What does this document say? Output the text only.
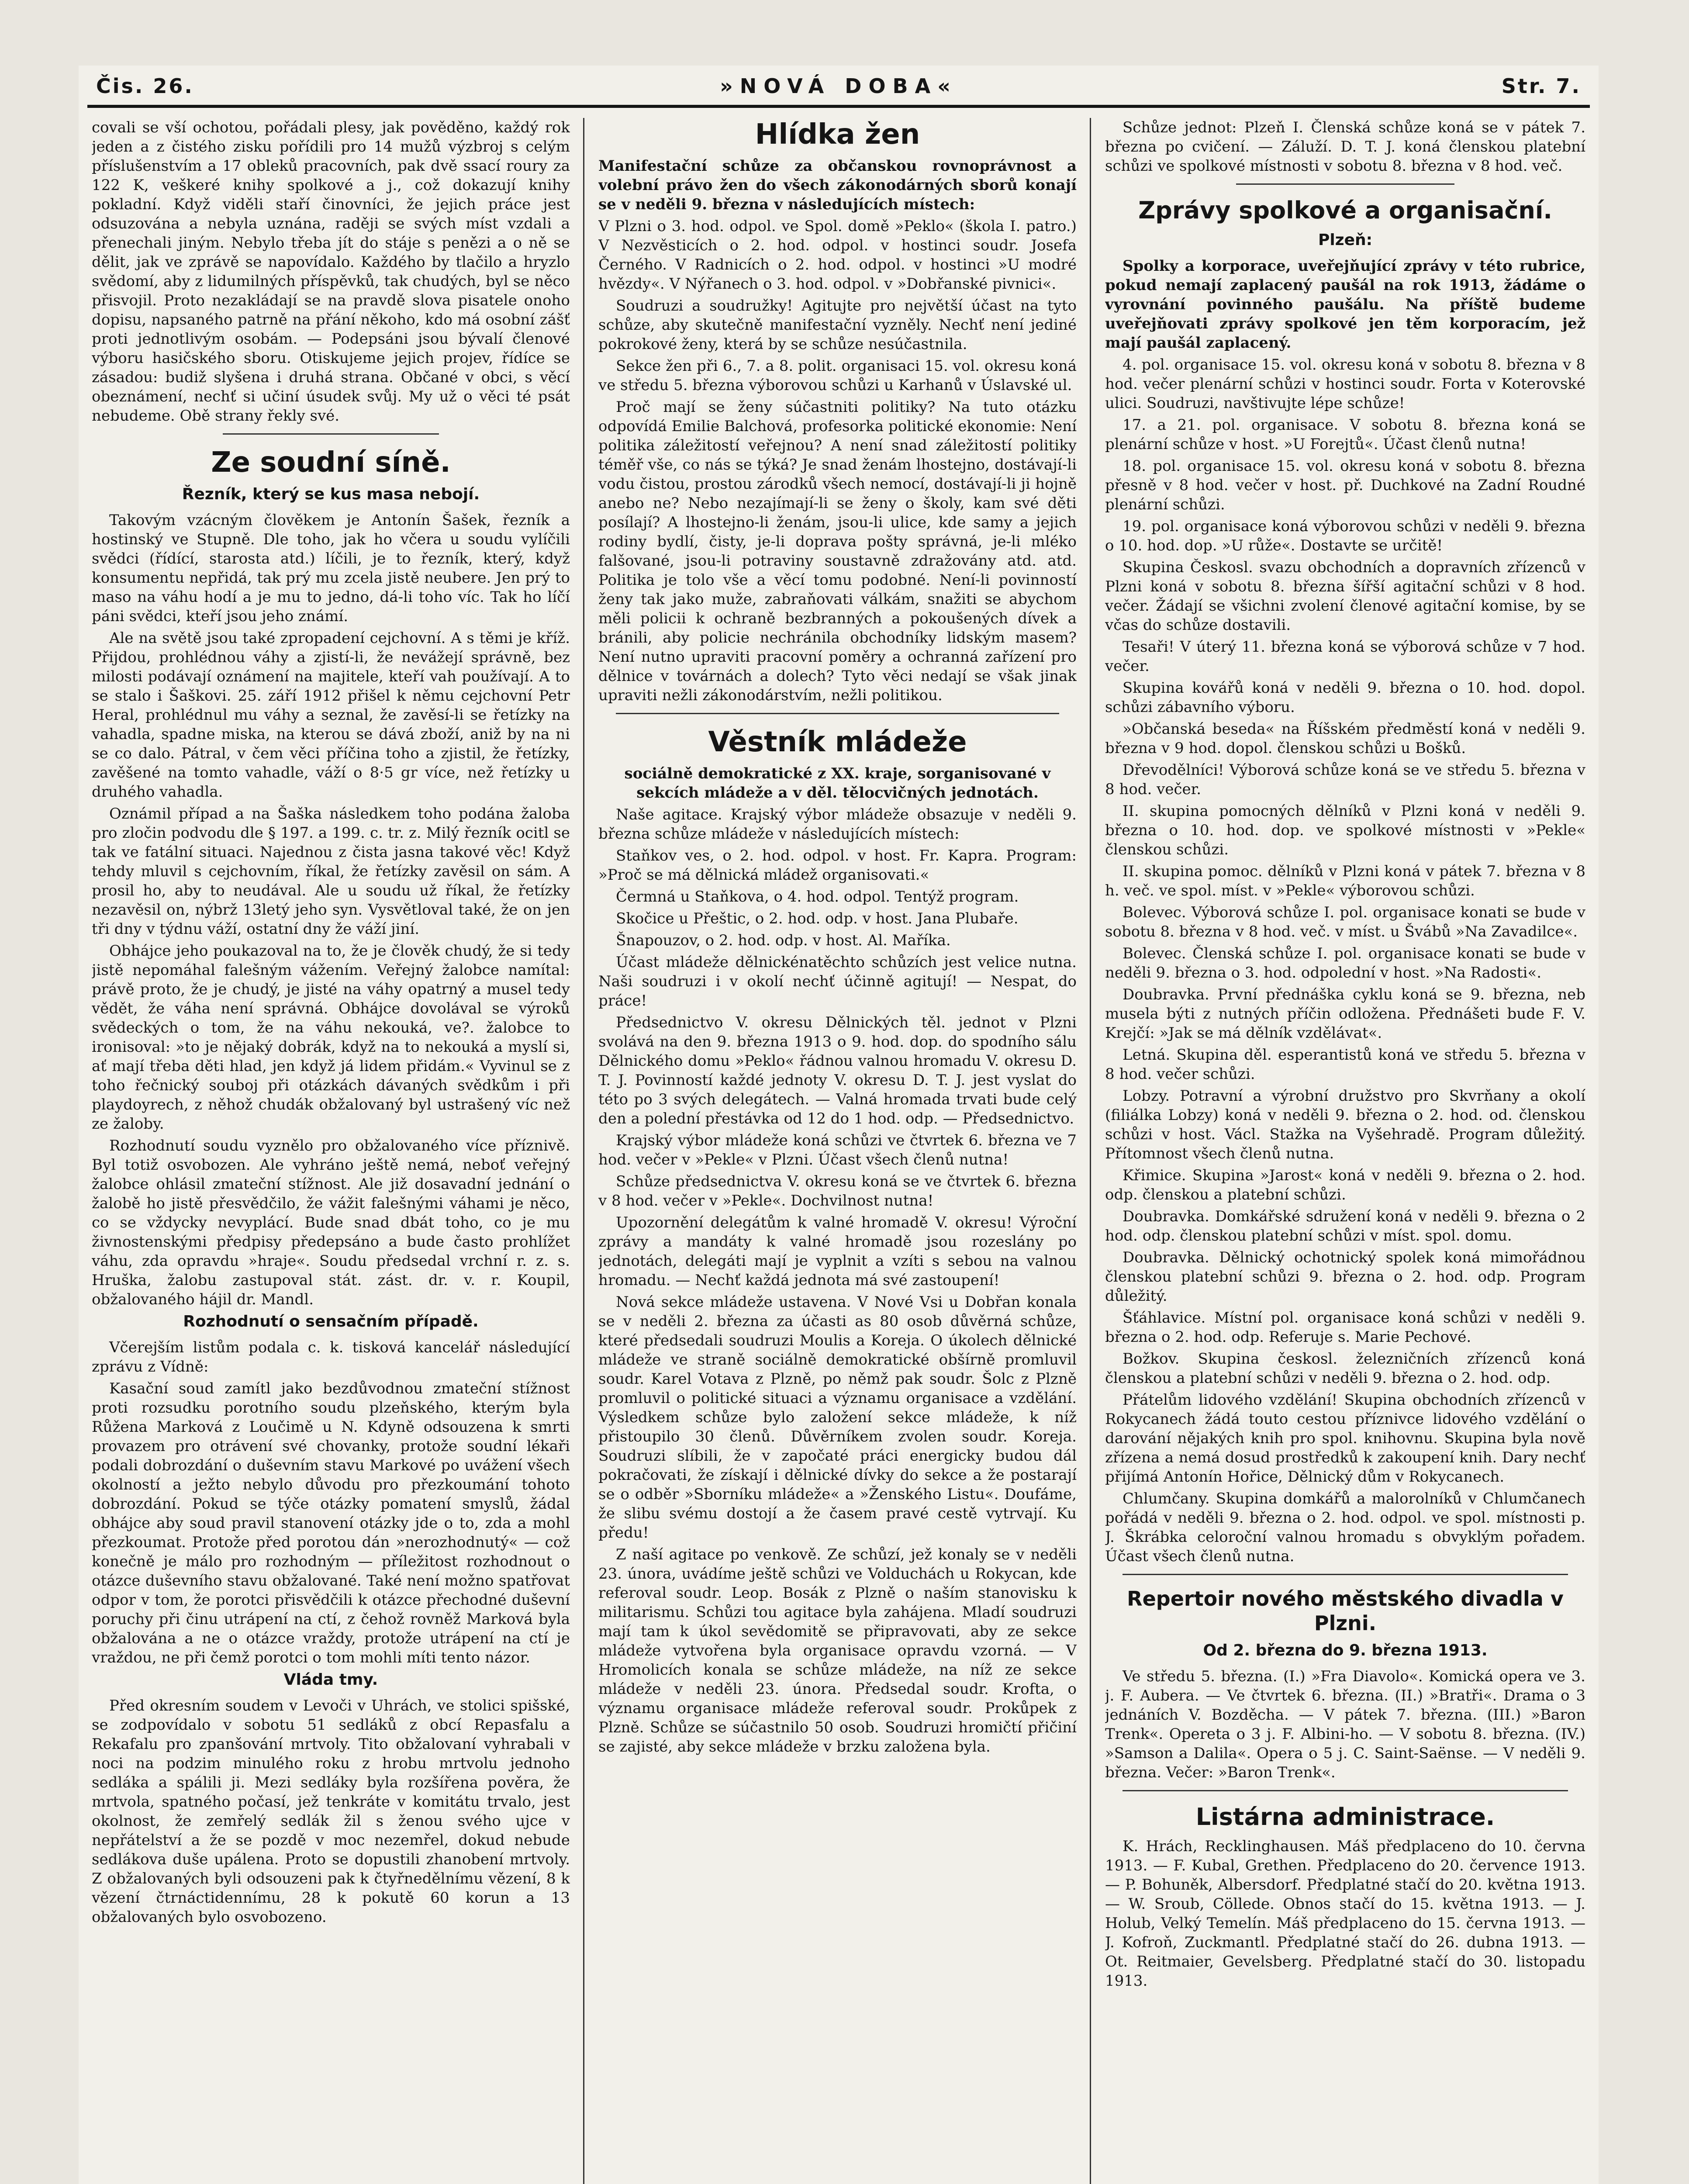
Čis. 26.	»NOVÁ DOBA«	Str. 7.

covali se vší ochotou, pořádali plesy, jak pověděno, každý rok jeden a z čistého zisku pořídili pro 14 mužů výzbroj s celým příslušenstvím a 17 obleků pracovních, pak dvě ssací roury za 122 K, veškeré knihy spolkové a j., což dokazují knihy pokladní. Když viděli staří činovníci, že jejich práce jest odsuzována a nebyla uznána, raději se svých míst vzdali a přenechali jiným. Nebylo třeba jít do stáje s penězi a o ně se dělit, jak ve zprávě se napovídalo. Každého by tlačilo a hryzlo svědomí, aby z lidumilných příspěvků, tak chudých, byl se něco přisvojil. Proto nezakládají se na pravdě slova pisatele onoho dopisu, napsaného patrně na přání někoho, kdo má osobní zášť proti jednotlivým osobám. — Podepsáni jsou bývalí členové výboru hasičského sboru. Otiskujeme jejich projev, řídíce se zásadou: budiž slyšena i druhá strana. Občané v obci, s věcí obeznámení, nechť si učiní úsudek svůj. My už o věci té psát nebudeme. Obě strany řekly své.

Ze soudní síně.
Řezník, který se kus masa nebojí.

Takovým vzácným člověkem je Antonín Šašek, řezník a hostinský ve Stupně. Dle toho, jak ho včera u soudu vylíčili svědci (řídící, starosta atd.) líčili, je to řezník, který, když konsumentu nepřidá, tak prý mu zcela jistě neubere. Jen prý to maso na váhu hodí a je mu to jedno, dá-li toho víc. Tak ho líčí páni svědci, kteří jsou jeho známí.

Ale na světě jsou také zpropadení cejchovní. A s těmi je kříž. Přijdou, prohlédnou váhy a zjistí-li, že nevážejí správně, bez milosti podávají oznámení na majitele, kteří vah používají. A to se stalo i Šaškovi. 25. září 1912 přišel k němu cejchovní Petr Heral, prohlédnul mu váhy a seznal, že zavěsí-li se řetízky na vahadla, spadne miska, na kterou se dává zboží, aniž by na ni se co dalo. Pátral, v čem věci příčina toho a zjistil, že řetízky, zavěšené na tomto vahadle, váží o 8·5 gr více, než řetízky u druhého vahadla.

Oznámil případ a na Šaška následkem toho podána žaloba pro zločin podvodu dle § 197. a 199. c. tr. z. Milý řezník ocitl se tak ve fatální situaci. Najednou z čista jasna takové věc! Když tehdy mluvil s cejchovním, říkal, že řetízky zavěsil on sám. A prosil ho, aby to neudával. Ale u soudu už říkal, že řetízky nezavěsil on, nýbrž 13letý jeho syn. Vysvětloval také, že on jen tři dny v týdnu váží, ostatní dny že váží jiní.

Obhájce jeho poukazoval na to, že je člověk chudý, že si tedy jistě nepomáhal falešným vážením. Veřejný žalobce namítal: právě proto, že je chudý, je jisté na váhy opatrný a musel tedy vědět, že váha není správná. Obhájce dovolával se výroků svědeckých o tom, že na váhu nekouká, ve?. žalobce to ironisoval: »to je nějaký dobrák, když na to nekouká a myslí si, ať mají třeba děti hlad, jen když já lidem přidám.« Vyvinul se z toho řečnický souboj při otázkách dávaných svědkům i při playdoyrech, z něhož chudák obžalovaný byl ustrašený víc než ze žaloby.

Rozhodnutí soudu vyznělo pro obžalovaného více příznivě. Byl totiž osvobozen. Ale vyhráno ještě nemá, neboť veřejný žalobce ohlásil zmateční stížnost. Ale již dosavadní jednání o žalobě ho jistě přesvědčilo, že vážit falešnými váhami je něco, co se vždycky nevyplácí. Bude snad dbát toho, co je mu živnostenskými předpisy předepsáno a bude často prohlížet váhu, zda opravdu »hraje«. Soudu předsedal vrchní r. z. s. Hruška, žalobu zastupoval stát. zást. dr. v. r. Koupil, obžalovaného hájil dr. Mandl.

Rozhodnutí o sensačním případě.

Včerejším listům podala c. k. tisková kancelář následující zprávu z Vídně:

Kasační soud zamítl jako bezdůvodnou zmateční stížnost proti rozsudku porotního soudu plzeňského, kterým byla Růžena Marková z Loučimě u N. Kdyně odsouzena k smrti provazem pro otrávení své chovanky, protože soudní lékaři podali dobrozdání o duševním stavu Markové po uvážení všech okolností a ježto nebylo důvodu pro přezkoumání tohoto dobrozdání. Pokud se týče otázky pomatení smyslů, žádal obhájce aby soud pravil stanovení otázky jde o to, zda a mohl přezkoumat. Protože před porotou dán »nerozhodnutý« — což konečně je málo pro rozhodným — příležitost rozhodnout o otázce duševního stavu obžalované. Také není možno spatřovat odpor v tom, že porotci přisvědčili k otázce přechodné duševní poruchy při činu utrápení na ctí, z čehož rovněž Marková byla obžalována a ne o otázce vraždy, protože utrápení na ctí je vraždou, ne při čemž porotci o tom mohli míti tento názor.

Vláda tmy.

Před okresním soudem v Levoči v Uhrách, ve stolici spišské, se zodpovídalo v sobotu 51 sedláků z obcí Repasfalu a Rekafalu pro zpanšování mrtvoly. Tito obžalovaní vyhrabali v noci na podzim minulého roku z hrobu mrtvolu jednoho sedláka a spálili ji. Mezi sedláky byla rozšířena pověra, že mrtvola, spatného počasí, jež tenkráte v komitátu trvalo, jest okolnost, že zemřelý sedlák žil s ženou svého ujce v nepřátelství a že se pozdě v moc nezemřel, dokud nebude sedlákova duše upálena. Proto se dopustili zhanobení mrtvoly. Z obžalovaných byli odsouzeni pak k čtyřnedělnímu vězení, 8 k vězení čtrnáctidennímu, 28 k pokutě 60 korun a 13 obžalovaných bylo osvobozeno.

Hlídka žen

Manifestační schůze za občanskou rovnoprávnost a volební právo žen do všech zákonodárných sborů konají se v neděli 9. března v následujících místech:

V Plzni o 3. hod. odpol. ve Spol. domě »Peklo« (škola I. patro.) V Nezvěsticích o 2. hod. odpol. v hostinci soudr. Josefa Černého. V Radnicích o 2. hod. odpol. v hostinci »U modré hvězdy«. V Nýřanech o 3. hod. odpol. v »Dobřanské pivnici«.

Soudruzi a soudružky! Agitujte pro největší účast na tyto schůze, aby skutečně manifestační vyzněly. Nechť není jediné pokrokové ženy, která by se schůze nesúčastnila.

Sekce žen při 6., 7. a 8. polit. organisaci 15. vol. okresu koná ve středu 5. března výborovou schůzi u Karhanů v Úslavské ul.

Proč mají se ženy súčastniti politiky? Na tuto otázku odpovídá Emilie Balchová, profesorka politické ekonomie: Není politika záležitostí veřejnou? A není snad záležitostí politiky téměř vše, co nás se týká? Je snad ženám lhostejno, dostávají-li vodu čistou, prostou zárodků všech nemocí, dostávají-li ji hojně anebo ne? Nebo nezajímají-li se ženy o školy, kam své děti posílají? A lhostejno-li ženám, jsou-li ulice, kde samy a jejich rodiny bydlí, čisty, je-li doprava pošty správná, je-li mléko falšované, jsou-li potraviny soustavně zdražovány atd. atd. Politika je tolo vše a věcí tomu podobné. Není-li povinností ženy tak jako muže, zabraňovati válkám, snažiti se abychom měli policii k ochraně bezbranných a pokoušených dívek a bránili, aby policie nechránila obchodníky lidským masem? Není nutno upraviti pracovní poměry a ochranná zařízení pro dělnice v továrnách a dolech? Tyto věci nedají se však jinak upraviti nežli zákonodárstvím, nežli politikou.

Věstník mládeže

sociálně demokratické z XX. kraje, sorganisované v sekcích mládeže a v děl. tělocvičných jednotách.

Naše agitace. Krajský výbor mládeže obsazuje v neděli 9. března schůze mládeže v následujících místech:

Staňkov ves, o 2. hod. odpol. v host. Fr. Kapra. Program: »Proč se má dělnická mládež organisovati.«

Čermná u Staňkova, o 4. hod. odpol. Tentýž program.

Skočice u Přeštic, o 2. hod. odp. v host. Jana Plubaře.

Šnapouzov, o 2. hod. odp. v host. Al. Maříka.

Účast mládeže dělnickénatěchto schůzích jest velice nutna. Naši soudruzi i v okolí nechť účinně agitují! — Nespat, do práce!

Předsednictvo V. okresu Dělnických těl. jednot v Plzni svolává na den 9. března 1913 o 9. hod. dop. do spodního sálu Dělnického domu »Peklo« řádnou valnou hromadu V. okresu D. T. J. Povinností každé jednoty V. okresu D. T. J. jest vyslat do této po 3 svých delegátech. — Valná hromada trvati bude celý den a polední přestávka od 12 do 1 hod. odp. — Předsednictvo.

Krajský výbor mládeže koná schůzi ve čtvrtek 6. března ve 7 hod. večer v »Pekle« v Plzni. Účast všech členů nutna!

Schůze předsednictva V. okresu koná se ve čtvrtek 6. března v 8 hod. večer v »Pekle«. Dochvilnost nutna!

Upozornění delegátům k valné hromadě V. okresu! Výroční zprávy a mandáty k valné hromadě jsou rozeslány po jednotách, delegáti mají je vyplnit a vzíti s sebou na valnou hromadu. — Nechť každá jednota má své zastoupení!

Nová sekce mládeže ustavena. V Nové Vsi u Dobřan konala se v neděli 2. března za účasti as 80 osob důvěrná schůze, které předsedali soudruzi Moulis a Koreja. O úkolech dělnické mládeže ve straně sociálně demokratické obšírně promluvil soudr. Karel Votava z Plzně, po němž pak soudr. Šolc z Plzně promluvil o politické situaci a významu organisace a vzdělání. Výsledkem schůze bylo založení sekce mládeže, k níž přistoupilo 30 členů. Důvěrníkem zvolen soudr. Koreja. Soudruzi slíbili, že v započaté práci energicky budou dál pokračovati, že získají i dělnické dívky do sekce a že postarají se o odběr »Sborníku mládeže« a »Ženského Listu«. Doufáme, že slibu svému dostojí a že časem pravé cestě vytrvají. Ku předu!

Z naší agitace po venkově. Ze schůzí, jež konaly se v neděli 23. února, uvádíme ještě schůzi ve Volduchách u Rokycan, kde referoval soudr. Leop. Bosák z Plzně o naším stanovisku k militarismu. Schůzi tou agitace byla zahájena. Mladí soudruzi mají tam k úkol sevědomitě se připravovati, aby ze sekce mládeže vytvořena byla organisace opravdu vzorná. — V Hromolicích konala se schůze mládeže, na níž ze sekce mládeže v neděli 23. února. Předsedal soudr. Krofta, o významu organisace mládeže referoval soudr. Prokůpek z Plzně. Schůze se súčastnilo 50 osob. Soudruzi hromičtí přičiní se zajisté, aby sekce mládeže v brzku založena byla.

Schůze jednot: Plzeň I. Členská schůze koná se v pátek 7. března po cvičení. — Záluží. D. T. J. koná členskou platební schůzi ve spolkové místnosti v sobotu 8. března v 8 hod. več.

Zprávy spolkové a organisační.
Plzeň:

Spolky a korporace, uveřejňující zprávy v této rubrice, pokud nemají zaplacený paušál na rok 1913, žádáme o vyrovnání povinného paušálu. Na příště budeme uveřejňovati zprávy spolkové jen těm korporacím, jež mají paušál zaplacený.

4. pol. organisace 15. vol. okresu koná v sobotu 8. března v 8 hod. večer plenární schůzi v hostinci soudr. Forta v Koterovské ulici. Soudruzi, navštivujte lépe schůze!

17. a 21. pol. organisace. V sobotu 8. března koná se plenární schůze v host. »U Forejtů«. Účast členů nutna!

18. pol. organisace 15. vol. okresu koná v sobotu 8. března přesně v 8 hod. večer v host. př. Duchkové na Zadní Roudné plenární schůzi.

19. pol. organisace koná výborovou schůzi v neděli 9. března o 10. hod. dop. »U růže«. Dostavte se určitě!

Skupina Českosl. svazu obchodních a dopravních zřízenců v Plzni koná v sobotu 8. března šířší agitační schůzi v 8 hod. večer. Žádají se všichni zvolení členové agitační komise, by se včas do schůze dostavili.

Tesaři! V úterý 11. března koná se výborová schůze v 7 hod. večer.

Skupina kovářů koná v neděli 9. března o 10. hod. dopol. schůzi zábavního výboru.

»Občanská beseda« na Říšském předměstí koná v neděli 9. března v 9 hod. dopol. členskou schůzi u Bošků.

Dřevodělníci! Výborová schůze koná se ve středu 5. března v 8 hod. večer.

II. skupina pomocných dělníků v Plzni koná v neděli 9. března o 10. hod. dop. ve spolkové místnosti v »Pekle« členskou schůzi.

II. skupina pomoc. dělníků v Plzni koná v pátek 7. března v 8 h. več. ve spol. míst. v »Pekle« výborovou schůzi.

Bolevec. Výborová schůze I. pol. organisace konati se bude v sobotu 8. března v 8 hod. več. v míst. u Švábů »Na Zavadilce«.

Bolevec. Členská schůze I. pol. organisace konati se bude v neděli 9. března o 3. hod. odpolední v host. »Na Radosti«.

Doubravka. První přednáška cyklu koná se 9. března, neb musela býti z nutných příčin odložena. Přednášeti bude F. V. Krejčí: »Jak se má dělník vzdělávat«.

Letná. Skupina děl. esperantistů koná ve středu 5. března v 8 hod. večer schůzi.

Lobzy. Potravní a výrobní družstvo pro Skvrňany a okolí (filiálka Lobzy) koná v neděli 9. března o 2. hod. od. členskou schůzi v host. Václ. Stažka na Vyšehradě. Program důležitý. Přítomnost všech členů nutna.

Křimice. Skupina »Jarost« koná v neděli 9. března o 2. hod. odp. členskou a platební schůzi.

Doubravka. Domkářské sdružení koná v neděli 9. března o 2 hod. odp. členskou platební schůzi v míst. spol. domu.

Doubravka. Dělnický ochotnický spolek koná mimořádnou členskou platební schůzi 9. března o 2. hod. odp. Program důležitý.

Šťáhlavice. Místní pol. organisace koná schůzi v neděli 9. března o 2. hod. odp. Referuje s. Marie Pechové.

Božkov. Skupina českosl. železničních zřízenců koná členskou a platební schůzi v neděli 9. března o 2. hod. odp.

Přátelům lidového vzdělání! Skupina obchodních zřízenců v Rokycanech žádá touto cestou příznivce lidového vzdělání o darování nějakých knih pro spol. knihovnu. Skupina byla nově zřízena a nemá dosud prostředků k zakoupení knih. Dary nechť přijímá Antonín Hořice, Dělnický dům v Rokycanech.

Chlumčany. Skupina domkářů a malorolníků v Chlumčanech pořádá v neděli 9. března o 2. hod. odpol. ve spol. místnosti p. J. Škrábka celoroční valnou hromadu s obvyklým pořadem. Účast všech členů nutna.

Repertoir nového městského divadla v Plzni.
Od 2. března do 9. března 1913.

Ve středu 5. března. (I.) »Fra Diavolo«. Komická opera ve 3. j. F. Aubera. — Ve čtvrtek 6. března. (II.) »Bratři«. Drama o 3 jednáních V. Bozděcha. — V pátek 7. března. (III.) »Baron Trenk«. Opereta o 3 j. F. Albini-ho. — V sobotu 8. března. (IV.) »Samson a Dalila«. Opera o 5 j. C. Saint-Saënse. — V neděli 9. března. Večer: »Baron Trenk«.

Listárna administrace.

K. Hrách, Recklinghausen. Máš předplaceno do 10. června 1913. — F. Kubal, Grethen. Předplaceno do 20. července 1913. — P. Bohuněk, Albersdorf. Předplatné stačí do 20. května 1913. — W. Sroub, Cöllede. Obnos stačí do 15. května 1913. — J. Holub, Velký Temelín. Máš předplaceno do 15. června 1913. — J. Kofroň, Zuckmantl. Předplatné stačí do 26. dubna 1913. — Ot. Reitmaier, Gevelsberg. Předplatné stačí do 30. listopadu 1913.
